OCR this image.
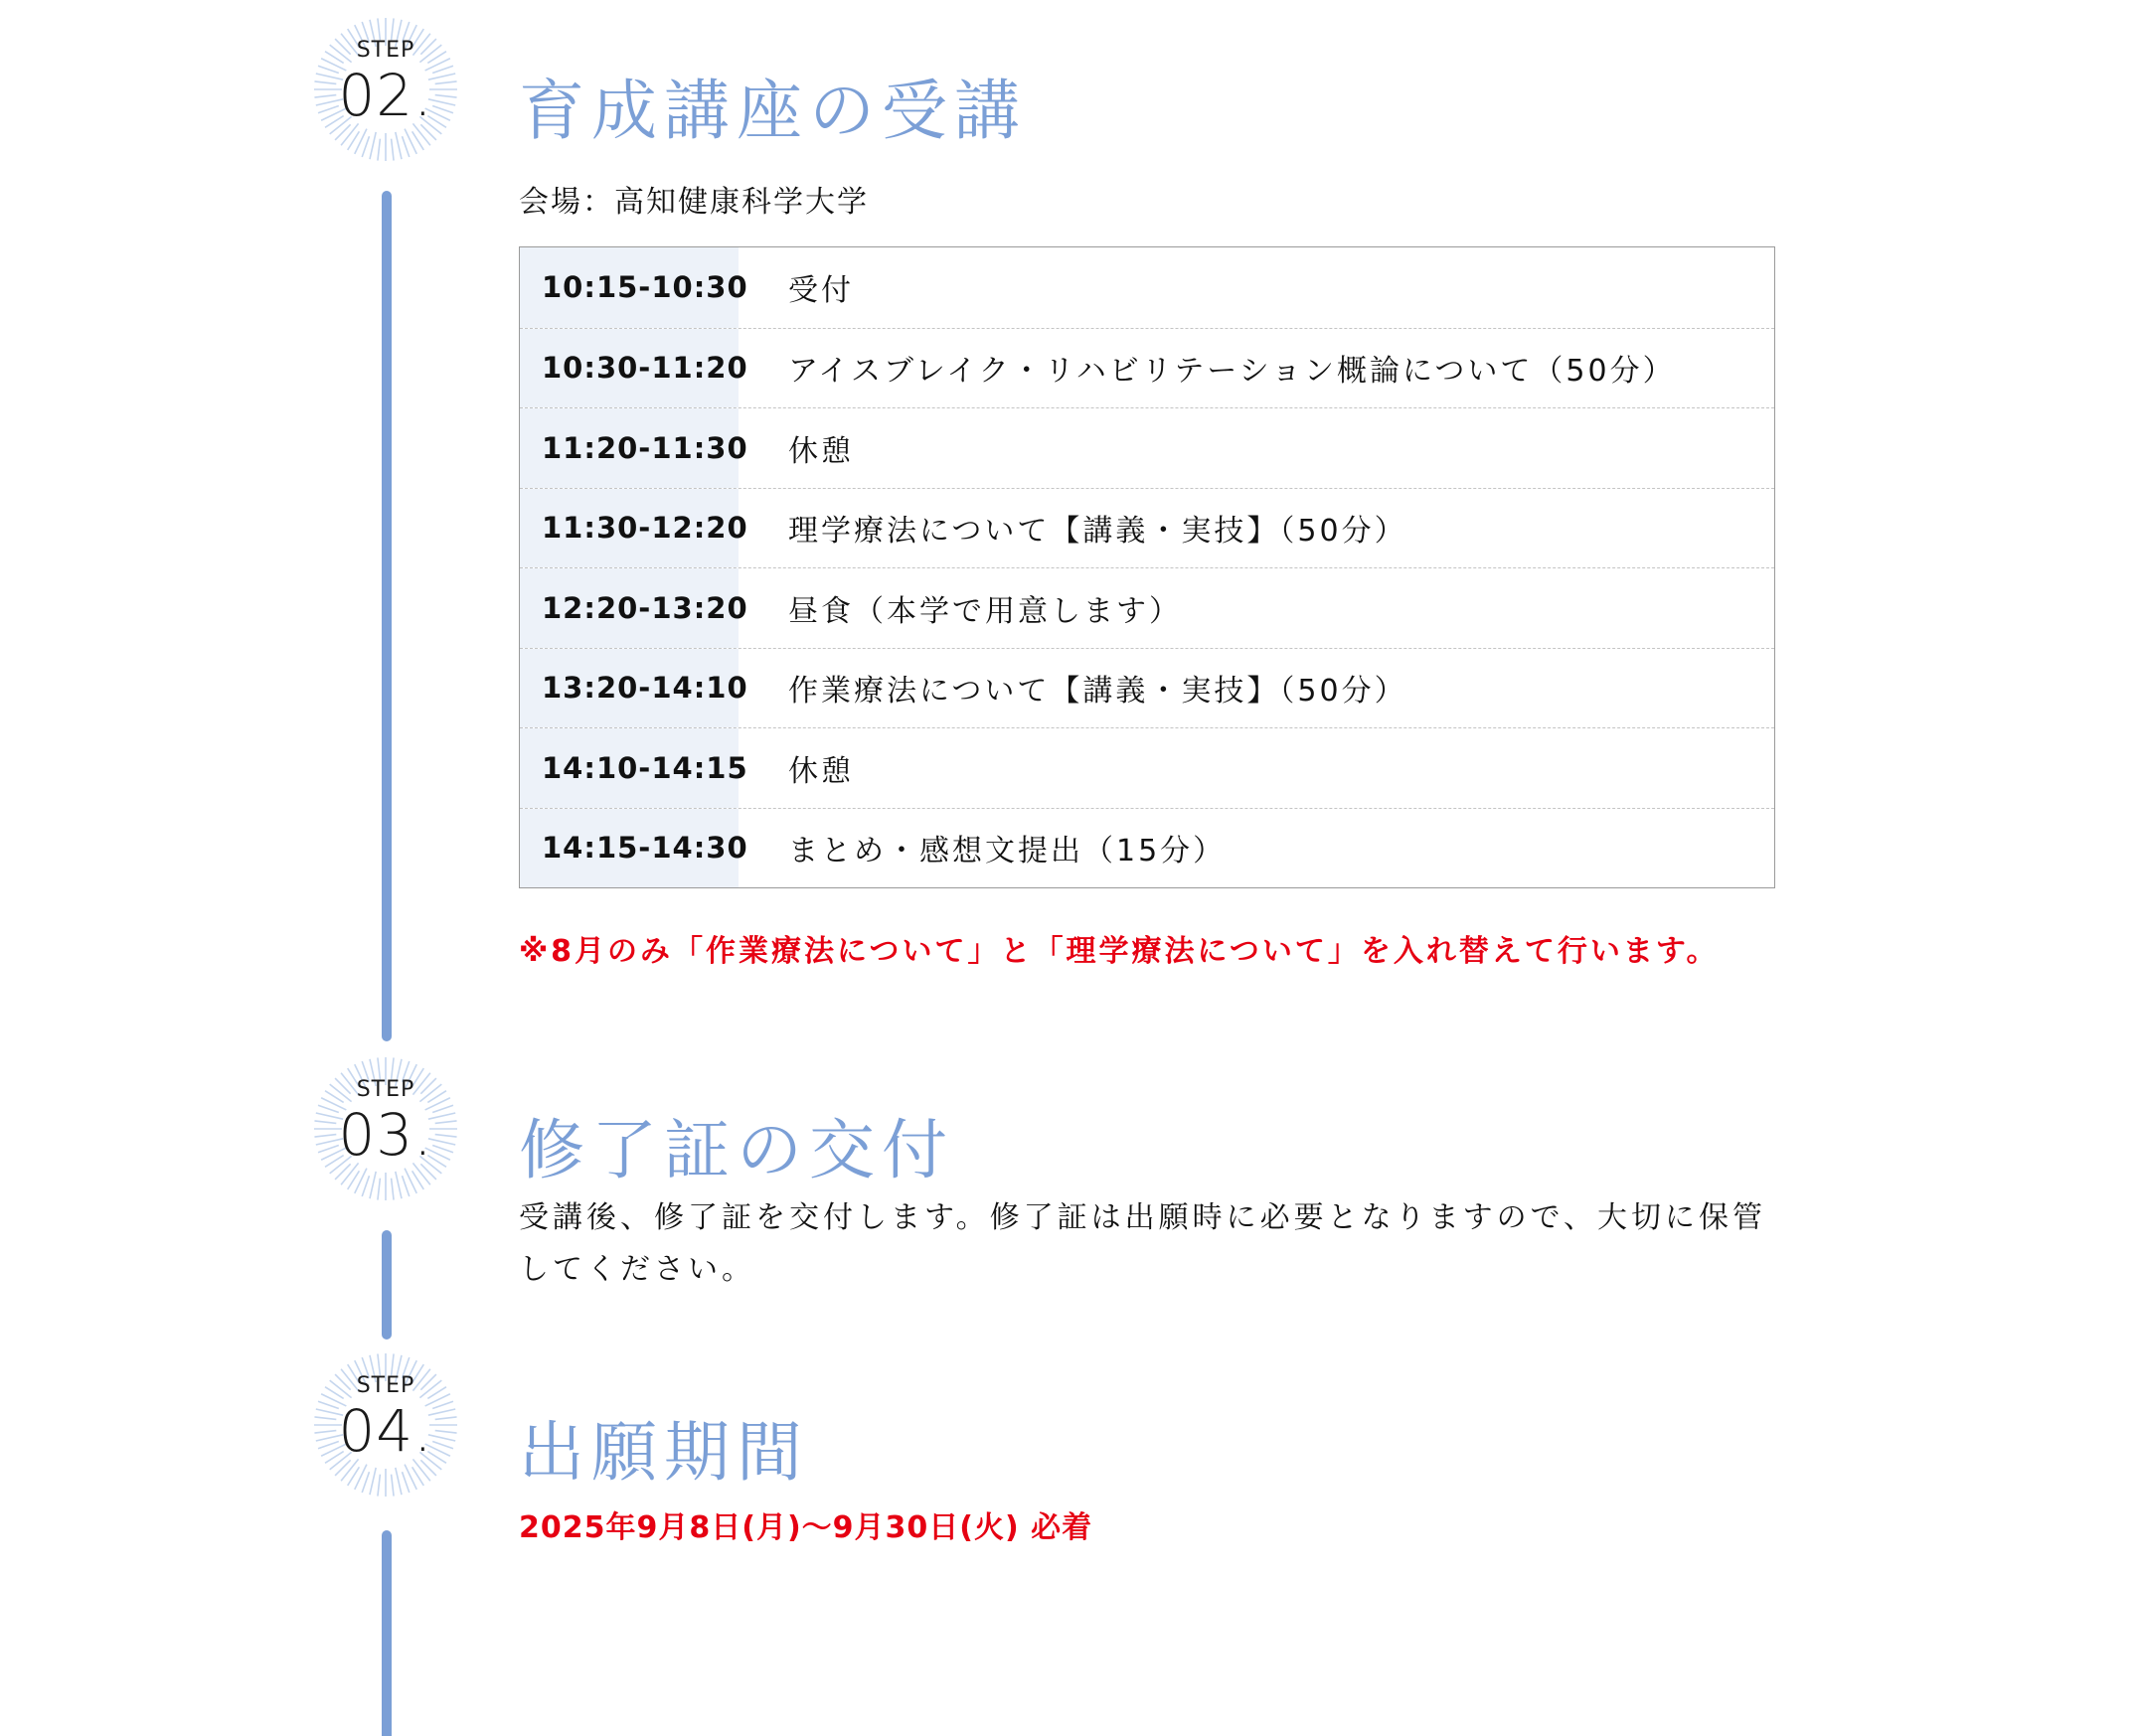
STEP
02.	育成講座の受講
会場：高知健康科学大学
10:15-10:30	受付
10:30-11:20	アイスブレイク・リハビリテーション概論について（50分）
11:20-11:30	休憩
11:30-12:20	理学療法について【講義・実技】（50分）
12:20-13:20	昼食（本学で用意します）
13:20-14:10	作業療法について【講義・実技】（50分）
14:10-14:15	休憩
14:15-14:30	まとめ・感想文提出（15分）
※8月のみ「作業療法について」と「理学療法について」を入れ替えて行います。
STEP
03.	修了証の交付
受講後、修了証を交付します。修了証は出願時に必要となりますので、大切に保管してください。
STEP
04.	出願期間
2025年9月8日(月)〜9月30日(火) 必着
